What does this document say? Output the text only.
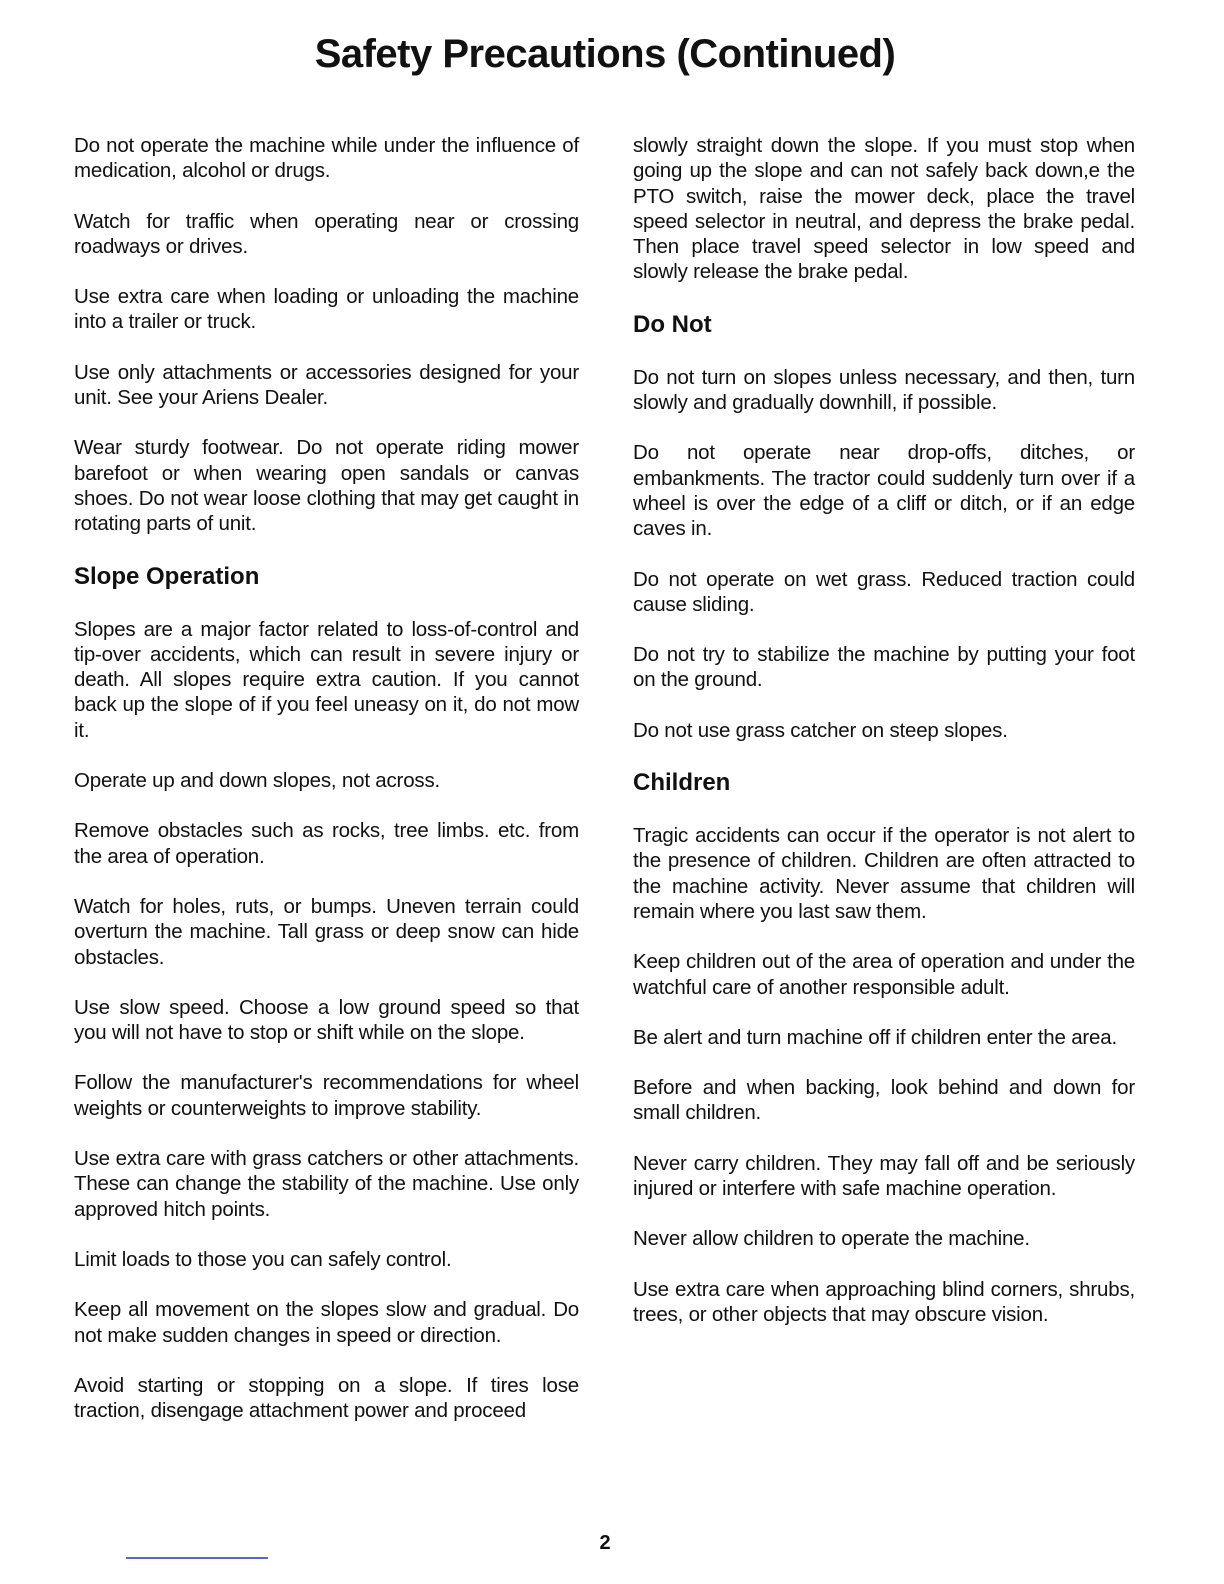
Safety Precautions (Continued)

Do not operate the machine while under the influence of medication, alcohol or drugs.

Watch for traffic when operating near or crossing roadways or drives.

Use extra care when loading or unloading the machine into a trailer or truck.

Use only attachments or accessories designed for your unit. See your Ariens Dealer.

Wear sturdy footwear. Do not operate riding mower barefoot or when wearing open sandals or canvas shoes. Do not wear loose clothing that may get caught in rotating parts of unit.

Slope Operation

Slopes are a major factor related to loss-of-control and tip-over accidents, which can result in severe injury or death. All slopes require extra caution. If you cannot back up the slope of if you feel uneasy on it, do not mow it.

Operate up and down slopes, not across.

Remove obstacles such as rocks, tree limbs. etc. from the area of operation.

Watch for holes, ruts, or bumps. Uneven terrain could overturn the machine. Tall grass or deep snow can hide obstacles.

Use slow speed. Choose a low ground speed so that you will not have to stop or shift while on the slope.

Follow the manufacturer's recommendations for wheel weights or counterweights to improve stability.

Use extra care with grass catchers or other attachments. These can change the stability of the machine. Use only approved hitch points.

Limit loads to those you can safely control.

Keep all movement on the slopes slow and gradual. Do not make sudden changes in speed or direction.

Avoid starting or stopping on a slope. If tires lose traction, disengage attachment power and proceed

slowly straight down the slope. If you must stop when going up the slope and can not safely back down,e the PTO switch, raise the mower deck, place the travel speed selector in neutral, and depress the brake pedal. Then place travel speed selector in low speed and slowly release the brake pedal.

Do Not

Do not turn on slopes unless necessary, and then, turn slowly and gradually downhill, if possible.

Do not operate near drop-offs, ditches, or embankments. The tractor could suddenly turn over if a wheel is over the edge of a cliff or ditch, or if an edge caves in.

Do not operate on wet grass. Reduced traction could cause sliding.

Do not try to stabilize the machine by putting your foot on the ground.

Do not use grass catcher on steep slopes.

Children

Tragic accidents can occur if the operator is not alert to the presence of children. Children are often attracted to the machine activity. Never assume that children will remain where you last saw them.

Keep children out of the area of operation and under the watchful care of another responsible adult.

Be alert and turn machine off if children enter the area.

Before and when backing, look behind and down for small children.

Never carry children. They may fall off and be seriously injured or interfere with safe machine operation.

Never allow children to operate the machine.

Use extra care when approaching blind corners, shrubs, trees, or other objects that may obscure vision.

2
